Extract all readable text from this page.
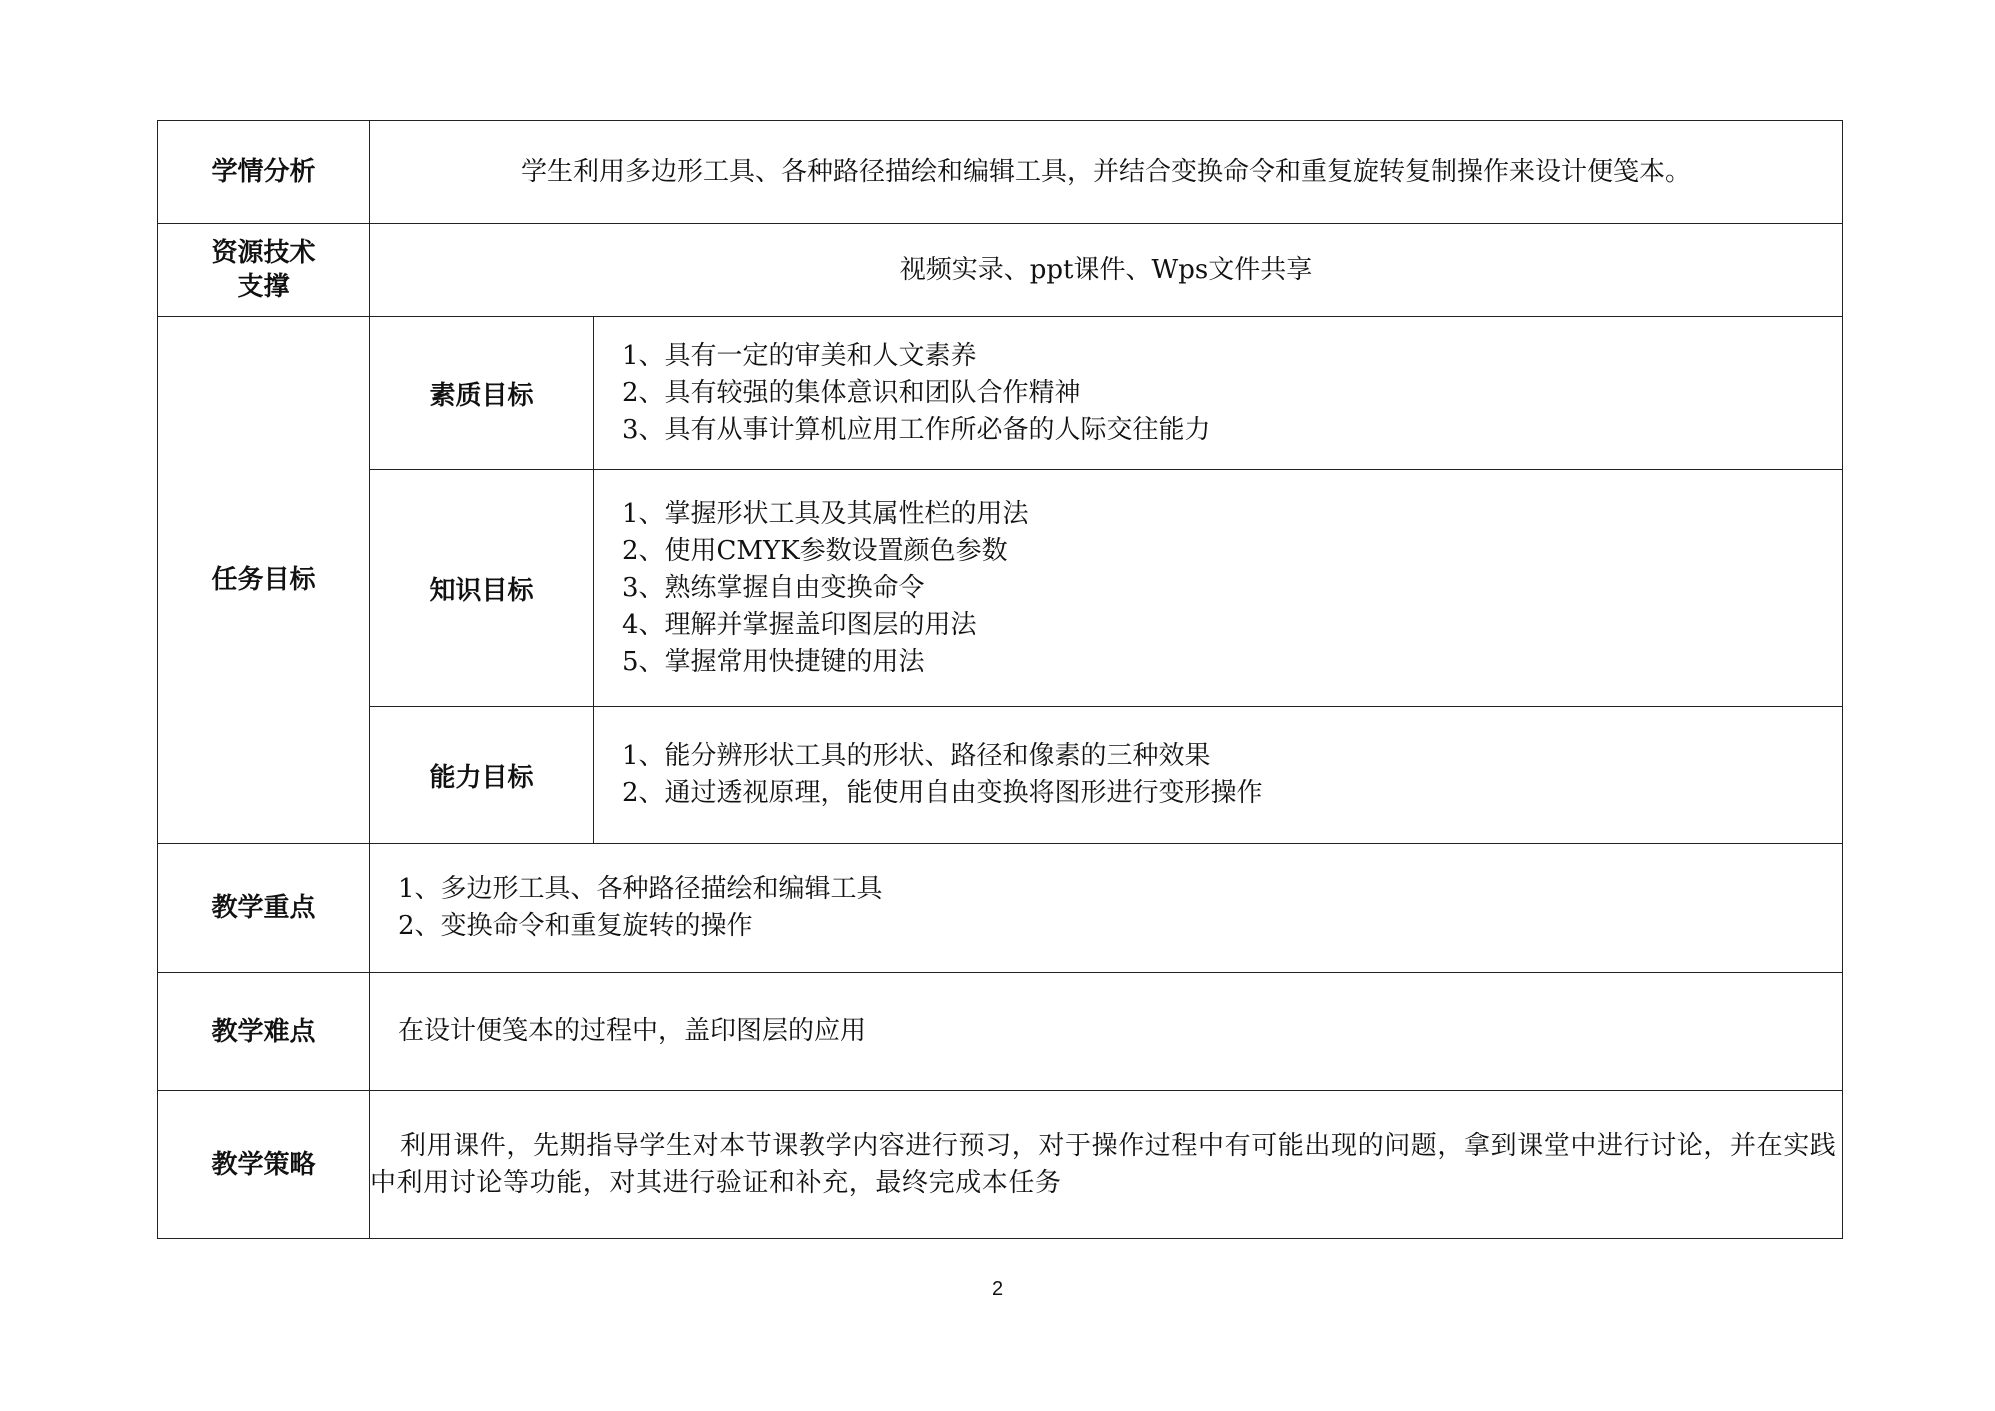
学情分析	学生利用多边形工具、各种路径描绘和编辑工具，并结合变换命令和重复旋转复制操作来设计便笺本。	

资源技术
支撑	视频实录、ppt课件、Wps文件共享	
任务目标	素质目标	1、具有一定的审美和人文素养
2、具有较强的集体意识和团队合作精神
3、具有从事计算机应用工作所必备的人际交往能力

	知识目标	1、掌握形状工具及其属性栏的用法
2、使用CMYK参数设置颜色参数
3、熟练掌握自由变换命令
4、理解并掌握盖印图层的用法
5、掌握常用快捷键的用法

	能力目标	1、能分辨形状工具的形状、路径和像素的三种效果
2、通过透视原理，能使用自由变换将图形进行变形操作

教学重点	1、多边形工具、各种路径描绘和编辑工具
2、变换命令和重复旋转的操作	

教学难点	在设计便笺本的过程中，盖印图层的应用	
教学策略	利用课件，先期指导学生对本节课教学内容进行预习，对于操作过程中有可能出现的问题，拿到课堂中进行讨论，并在实践中利用讨论等功能，对其进行验证和补充，最终完成本任务	
2
